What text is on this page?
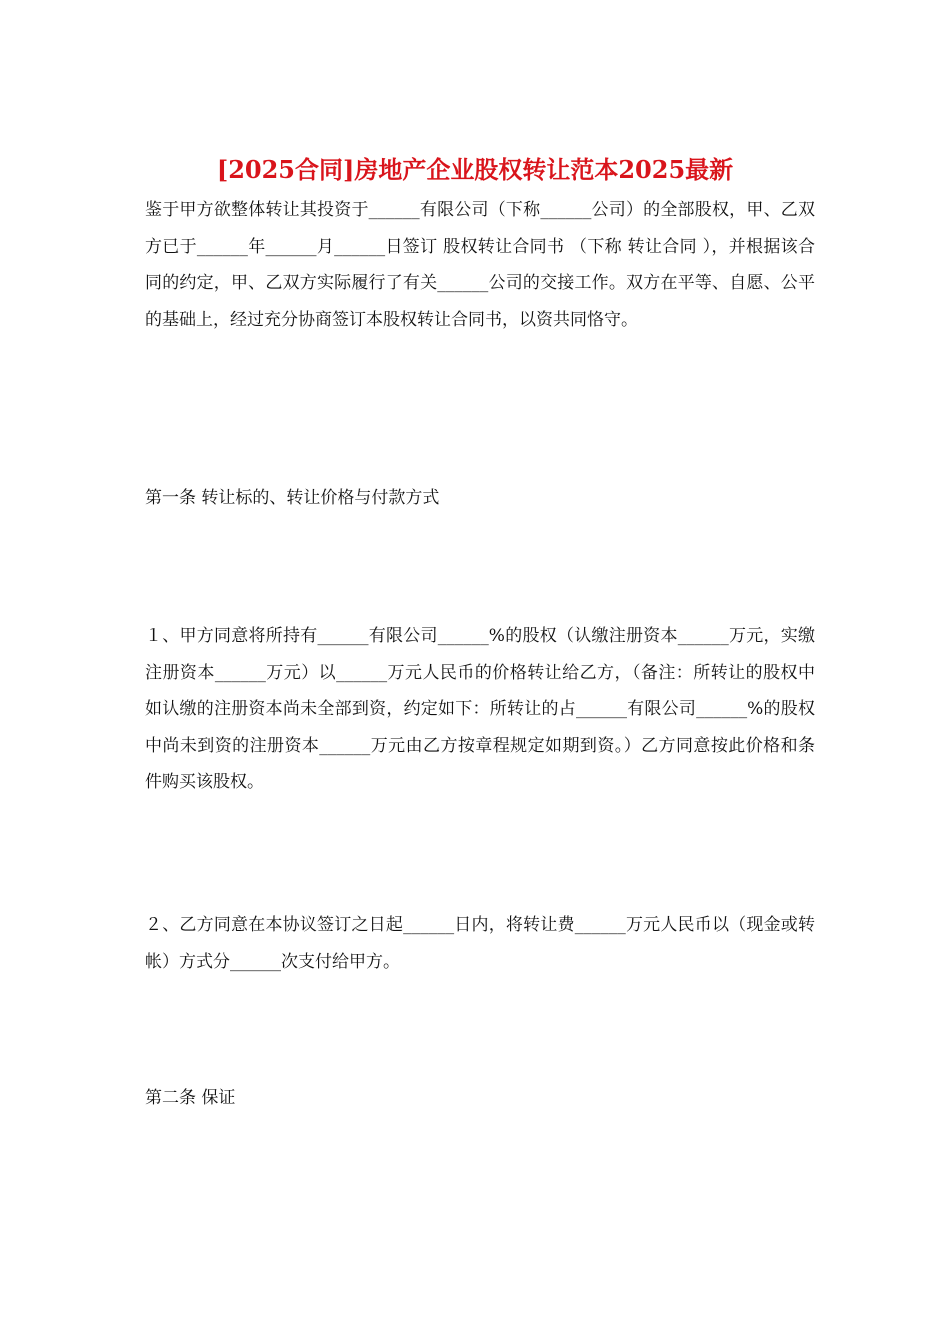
[2025合同]房地产企业股权转让范本2025最新
鉴于甲方欲整体转让其投资于______有限公司（下称______公司）的全部股权，甲、乙双方已于______年______月______日签订 股权转让合同书 （下称 转让合同 ），并根据该合同的约定，甲、乙双方实际履行了有关______公司的交接工作。双方在平等、自愿、公平的基础上，经过充分协商签订本股权转让合同书，以资共同恪守。
第一条 转让标的、转让价格与付款方式
１、甲方同意将所持有______有限公司______%的股权（认缴注册资本______万元，实缴注册资本______万元）以______万元人民币的价格转让给乙方，（备注：所转让的股权中如认缴的注册资本尚未全部到资，约定如下：所转让的占______有限公司______%的股权中尚未到资的注册资本______万元由乙方按章程规定如期到资。）乙方同意按此价格和条件购买该股权。
２、乙方同意在本协议签订之日起______日内，将转让费______万元人民币以（现金或转帐）方式分______次支付给甲方。
第二条 保证
